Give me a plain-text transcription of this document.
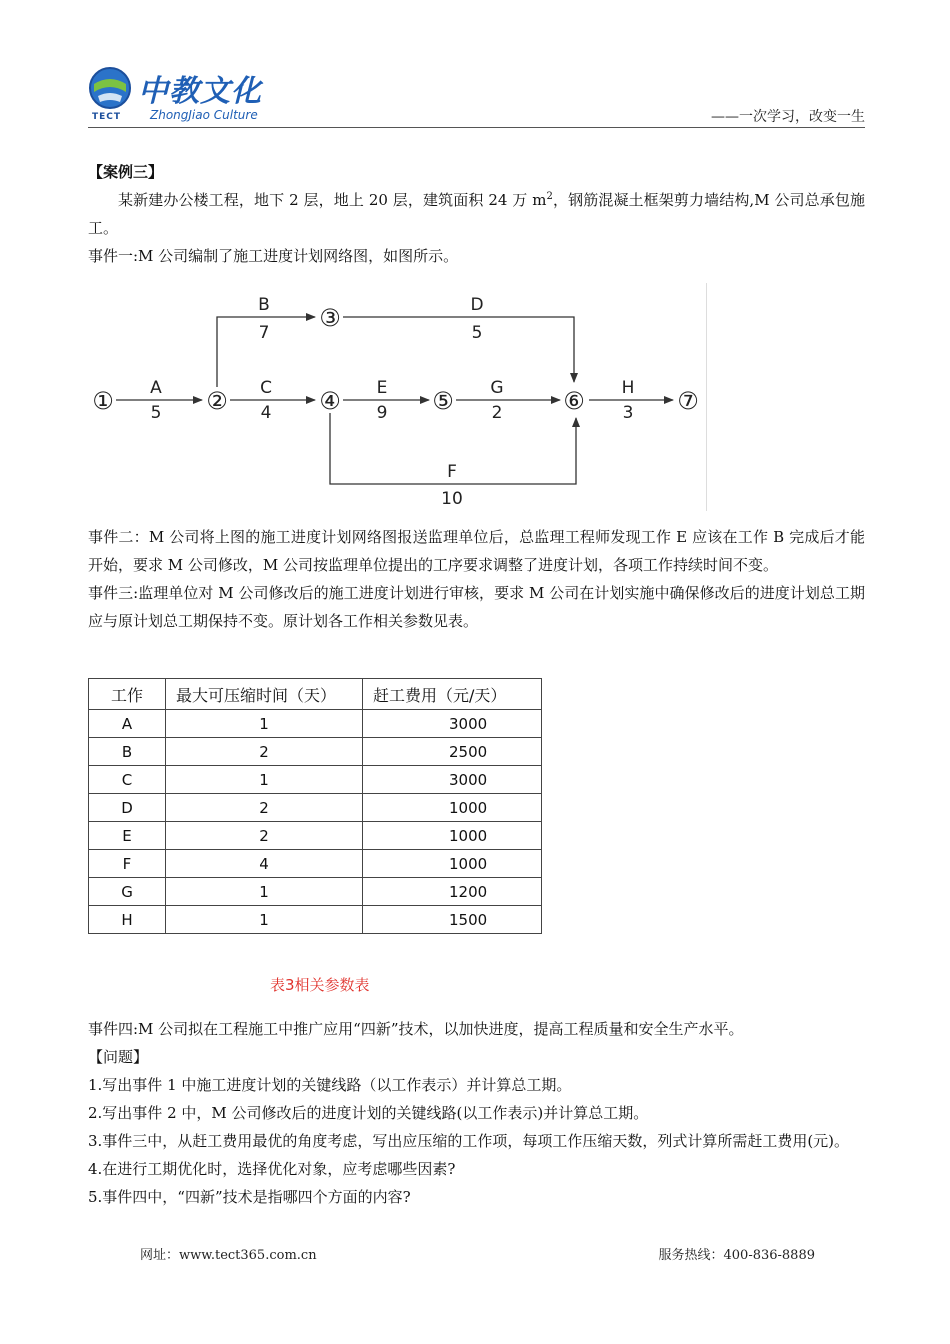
TECT
中教文化
ZhongJiao Culture	——一次学习，改变一生

【案例三】

某新建办公楼工程，地下 2 层，地上 20 层，建筑面积 24 万 $m^2$，钢筋混凝土框架剪力墙结构,M 公司总承包施工。

事件一:M 公司编制了施工进度计划网络图，如图所示。

①	②
③
④	⑤	⑥	⑦
A
5
B
7
C
4
D
5
E
9
F
10
G
2
H
3

事件二：M 公司将上图的施工进度计划网络图报送监理单位后，总监理工程师发现工作 E 应该在工作 B 完成后才能开始，要求 M 公司修改，M 公司按监理单位提出的工序要求调整了进度计划，各项工作持续时间不变。

事件三:监理单位对 M 公司修改后的施工进度计划进行审核，要求 M 公司在计划实施中确保修改后的进度计划总工期应与原计划总工期保持不变。原计划各工作相关参数见表。

工作	最大可压缩时间（天）	赶工费用（元/天）
A	1	3000
B	2	2500
C	1	3000
D	2	1000
E	2	1000
F	4	1000
G	1	1200
H	1	1500
表3相关参数表

事件四:M 公司拟在工程施工中推广应用“四新”技术，以加快进度，提高工程质量和安全生产水平。

【问题】

1.写出事件 1 中施工进度计划的关键线路（以工作表示）并计算总工期。

2.写出事件 2 中，M 公司修改后的进度计划的关键线路(以工作表示)并计算总工期。

3.事件三中，从赶工费用最优的角度考虑，写出应压缩的工作项，每项工作压缩天数，列式计算所需赶工费用(元)。

4.在进行工期优化时，选择优化对象，应考虑哪些因素?

5.事件四中，“四新”技术是指哪四个方面的内容?

网址：www.tect365.com.cn	服务热线：400-836-8889
